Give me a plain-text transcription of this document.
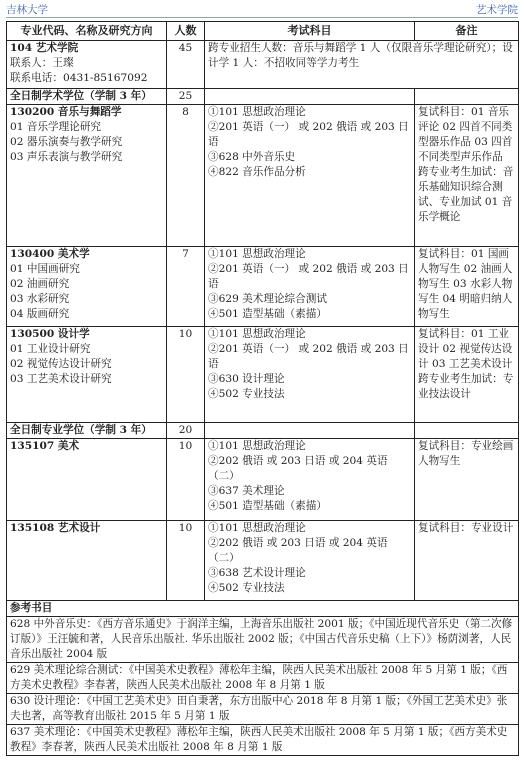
吉林大学	艺术学院
专业代码、名称及研究方向	人数	考试科目	备注

104 艺术学院
联系人：王璨
联系电话：0431-85167092	45	跨专业招生人数：音乐与舞蹈学 1 人（仅限音乐学理论研究）；设计学 1 人：不招收同等学力考生	
全日制学术学位（学制 3 年）	25		

130200 音乐与舞蹈学
01 音乐学理论研究
02 器乐演奏与教学研究
03 声乐表演与教学研究	8	①101 思想政治理论
②201 英语（一） 或 202 俄语 或 203 日语
③628 中外音乐史
④822 音乐作品分析	复试科目：01 音乐评论 02 四首不同类型器乐作品 03 四首不同类型声乐作品
跨专业考生加试：音乐基础知识综合测试、专业加试 01 音乐学概论

130400 美术学
01 中国画研究
02 油画研究
03 水彩研究
04 版画研究	7	①101 思想政治理论
②201 英语（一） 或 202 俄语 或 203 日语
③629 美术理论综合测试
④501 造型基础（素描）	复试科目：01 国画人物写生 02 油画人物写生 03 水彩人物写生 04 明暗归纳人物写生

130500 设计学
01 工业设计研究
02 视觉传达设计研究
03 工艺美术设计研究	10	①101 思想政治理论
②201 英语（一） 或 202 俄语 或 203 日语
③630 设计理论
④502 专业技法	复试科目：01 工业设计 02 视觉传达设计 03 工艺美术设计
跨专业考生加试：专业技法设计

全日制专业学位（学制 3 年）	20		

135107 美术	10	①101 思想政治理论
②202 俄语 或 203 日语 或 204 英语（二）
③637 美术理论
④501 造型基础（素描）	复试科目：专业绘画人物写生

135108 艺术设计	10	①101 思想政治理论
②202 俄语 或 203 日语 或 204 英语（二）
③638 艺术设计理论
④502 专业技法	复试科目：专业设计

参考书目			
628 中外音乐史：《西方音乐通史》于润洋主编，上海音乐出版社 2001 版；《中国近现代音乐史（第二次修订版）》王汪毓和著，人民音乐出版社. 华乐出版社 2002 版；《中国古代音乐史稿（上下）》杨荫浏著，人民音乐出版社 2004 版			
629 美术理论综合测试：《中国美术史教程》薄松年主编，陕西人民美术出版社 2008 年 5 月第 1 版；《西方美术史教程》李春著，陕西人民美术出版社 2008 年 8 月第 1 版			
630 设计理论：《中国工艺美术史》田自秉著，东方出版中心 2018 年 8 月第 1 版；《外国工艺美术史》张夫也著，高等教育出版社 2015 年 5 月第 1 版			
637 美术理论：《中国美术史教程》薄松年主编，陕西人民美术出版社 2008 年 5 月第 1 版；《西方美术史教程》李春著，陕西人民美术出版社 2008 年 8 月第 1 版			
